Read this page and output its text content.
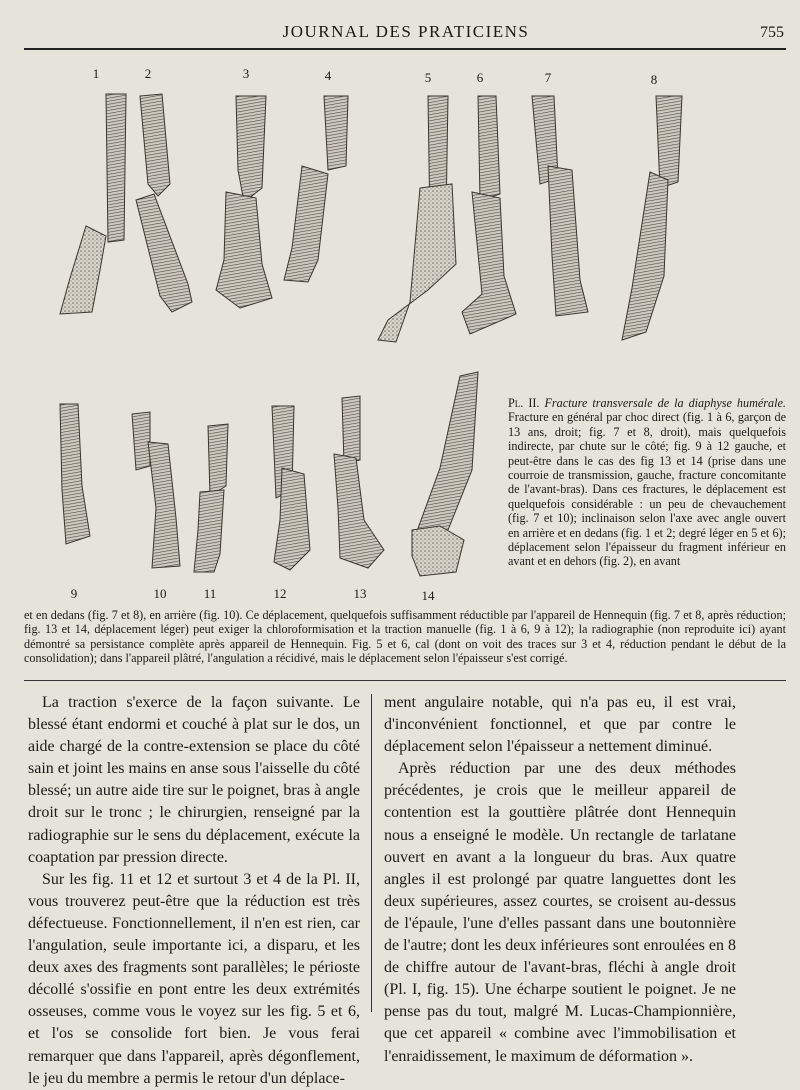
JOURNAL DES PRATICIENS	755
1	2	3	4	5	6	7	8
9	10	11	12	13	14
Pl. II. Fracture transversale de la diaphyse humérale. Fracture en général par choc direct (fig. 1 à 6, garçon de 13 ans, droit; fig. 7 et 8, droit), mais quelquefois indirecte, par chute sur le côté; fig. 9 à 12 gauche, et peut-être dans le cas des fig 13 et 14 (prise dans une courroie de transmission, gauche, fracture concomitante de l'avant-bras). Dans ces fractures, le déplacement est quelquefois considérable : un peu de chevauchement (fig. 7 et 10); inclinaison selon l'axe avec angle ouvert en arrière et en dedans (fig. 1 et 2; degré léger en 5 et 6); déplacement selon l'épaisseur du fragment inférieur en avant et en dehors (fig. 2), en avant
et en dedans (fig. 7 et 8), en arrière (fig. 10). Ce déplacement, quelquefois suffisamment réductible par l'appareil de Hennequin (fig. 7 et 8, après réduction; fig. 13 et 14, déplacement léger) peut exiger la chloroformisation et la traction manuelle (fig. 1 à 6, 9 à 12); la radiographie (non reproduite ici) ayant démontré sa persistance complète après appareil de Hennequin. Fig. 5 et 6, cal (dont on voit des traces sur 3 et 4, réduction pendant le début de la consolidation); dans l'appareil plâtré, l'angulation a récidivé, mais le déplacement selon l'épaisseur s'est corrigé.

La traction s'exerce de la façon suivante. Le blessé étant endormi et couché à plat sur le dos, un aide chargé de la contre-extension se place du côté sain et joint les mains en anse sous l'aisselle du côté blessé; un autre aide tire sur le poignet, bras à angle droit sur le tronc ; le chirurgien, renseigné par la radiographie sur le sens du déplacement, exécute la coaptation par pression directe.

Sur les fig. 11 et 12 et surtout 3 et 4 de la Pl. II, vous trouverez peut-être que la réduction est très défectueuse. Fonctionnellement, il n'en est rien, car l'angulation, seule importante ici, a disparu, et les deux axes des fragments sont parallèles; le périoste décollé s'ossifie en pont entre les deux extrémités osseuses, comme vous le voyez sur les fig. 5 et 6, et l'os se consolide fort bien. Je vous ferai remarquer que dans l'appareil, après dégonflement, le jeu du membre a permis le retour d'un déplace-

ment angulaire notable, qui n'a pas eu, il est vrai, d'inconvénient fonctionnel, et que par contre le déplacement selon l'épaisseur a nettement diminué.

Après réduction par une des deux méthodes précédentes, je crois que le meilleur appareil de contention est la gouttière plâtrée dont Hennequin nous a enseigné le modèle. Un rectangle de tarlatane ouvert en avant a la longueur du bras. Aux quatre angles il est prolongé par quatre languettes dont les deux supérieures, assez courtes, se croisent au-dessus de l'épaule, l'une d'elles passant dans une boutonnière de l'autre; dont les deux inférieures sont enroulées en 8 de chiffre autour de l'avant-bras, fléchi à angle droit (Pl. I, fig. 15). Une écharpe soutient le poignet. Je ne pense pas du tout, malgré M. Lucas-Championnière, que cet appareil « combine avec l'immobilisation et l'enraidissement, le maximum de déformation ».
